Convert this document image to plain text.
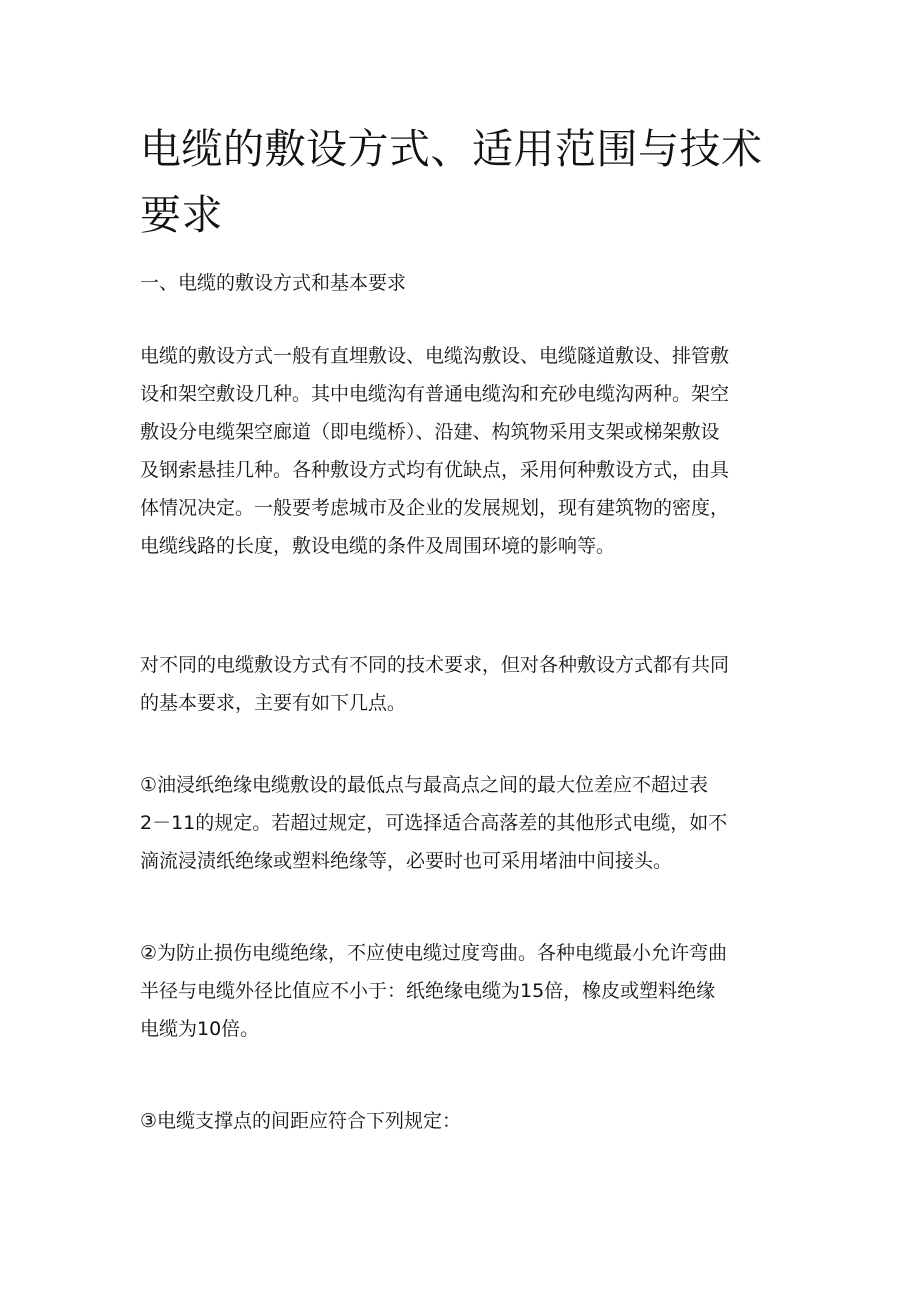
电缆的敷设方式、适用范围与技术
要求
一、电缆的敷设方式和基本要求
电缆的敷设方式一般有直埋敷设、电缆沟敷设、电缆隧道敷设、排管敷
设和架空敷设几种。其中电缆沟有普通电缆沟和充砂电缆沟两种。架空
敷设分电缆架空廊道（即电缆桥）、沿建、构筑物采用支架或梯架敷设
及钢索悬挂几种。各种敷设方式均有优缺点，采用何种敷设方式，由具
体情况决定。一般要考虑城市及企业的发展规划，现有建筑物的密度，
电缆线路的长度，敷设电缆的条件及周围环境的影响等。
对不同的电缆敷设方式有不同的技术要求，但对各种敷设方式都有共同
的基本要求，主要有如下几点。
①油浸纸绝缘电缆敷设的最低点与最高点之间的最大位差应不超过表
2－11的规定。若超过规定，可选择适合高落差的其他形式电缆，如不
滴流浸渍纸绝缘或塑料绝缘等，必要时也可采用堵油中间接头。
②为防止损伤电缆绝缘，不应使电缆过度弯曲。各种电缆最小允许弯曲
半径与电缆外径比值应不小于：纸绝缘电缆为15倍，橡皮或塑料绝缘
电缆为10倍。
③电缆支撑点的间距应符合下列规定：
